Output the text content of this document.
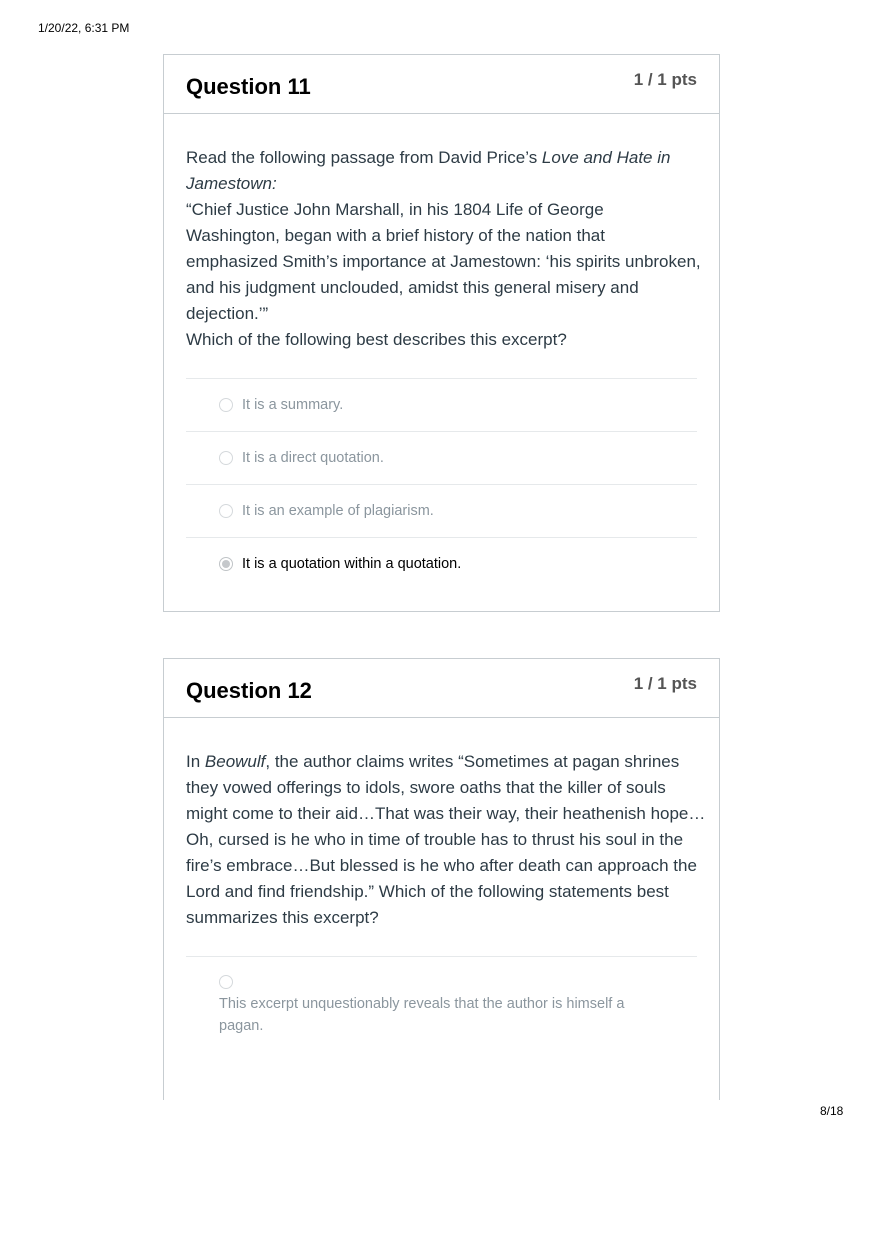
1/20/22, 6:31 PM
Question 11	1 / 1 pts
Read the following passage from David Price’s Love and Hate in Jamestown:
“Chief Justice John Marshall, in his 1804 Life of George Washington, began with a brief history of the nation that emphasized Smith’s importance at Jamestown: ‘his spirits unbroken, and his judgment unclouded, amidst this general misery and dejection.’”
Which of the following best describes this excerpt?
It is a summary.
It is a direct quotation.
It is an example of plagiarism.
It is a quotation within a quotation.
Question 12	1 / 1 pts
In Beowulf, the author claims writes “Sometimes at pagan shrines they vowed offerings to idols, swore oaths that the killer of souls might come to their aid…That was their way, their heathenish hope…Oh, cursed is he who in time of trouble has to thrust his soul in the fire’s embrace…But blessed is he who after death can approach the Lord and find friendship.” Which of the following statements best summarizes this excerpt?
This excerpt unquestionably reveals that the author is himself a pagan.
8/18
